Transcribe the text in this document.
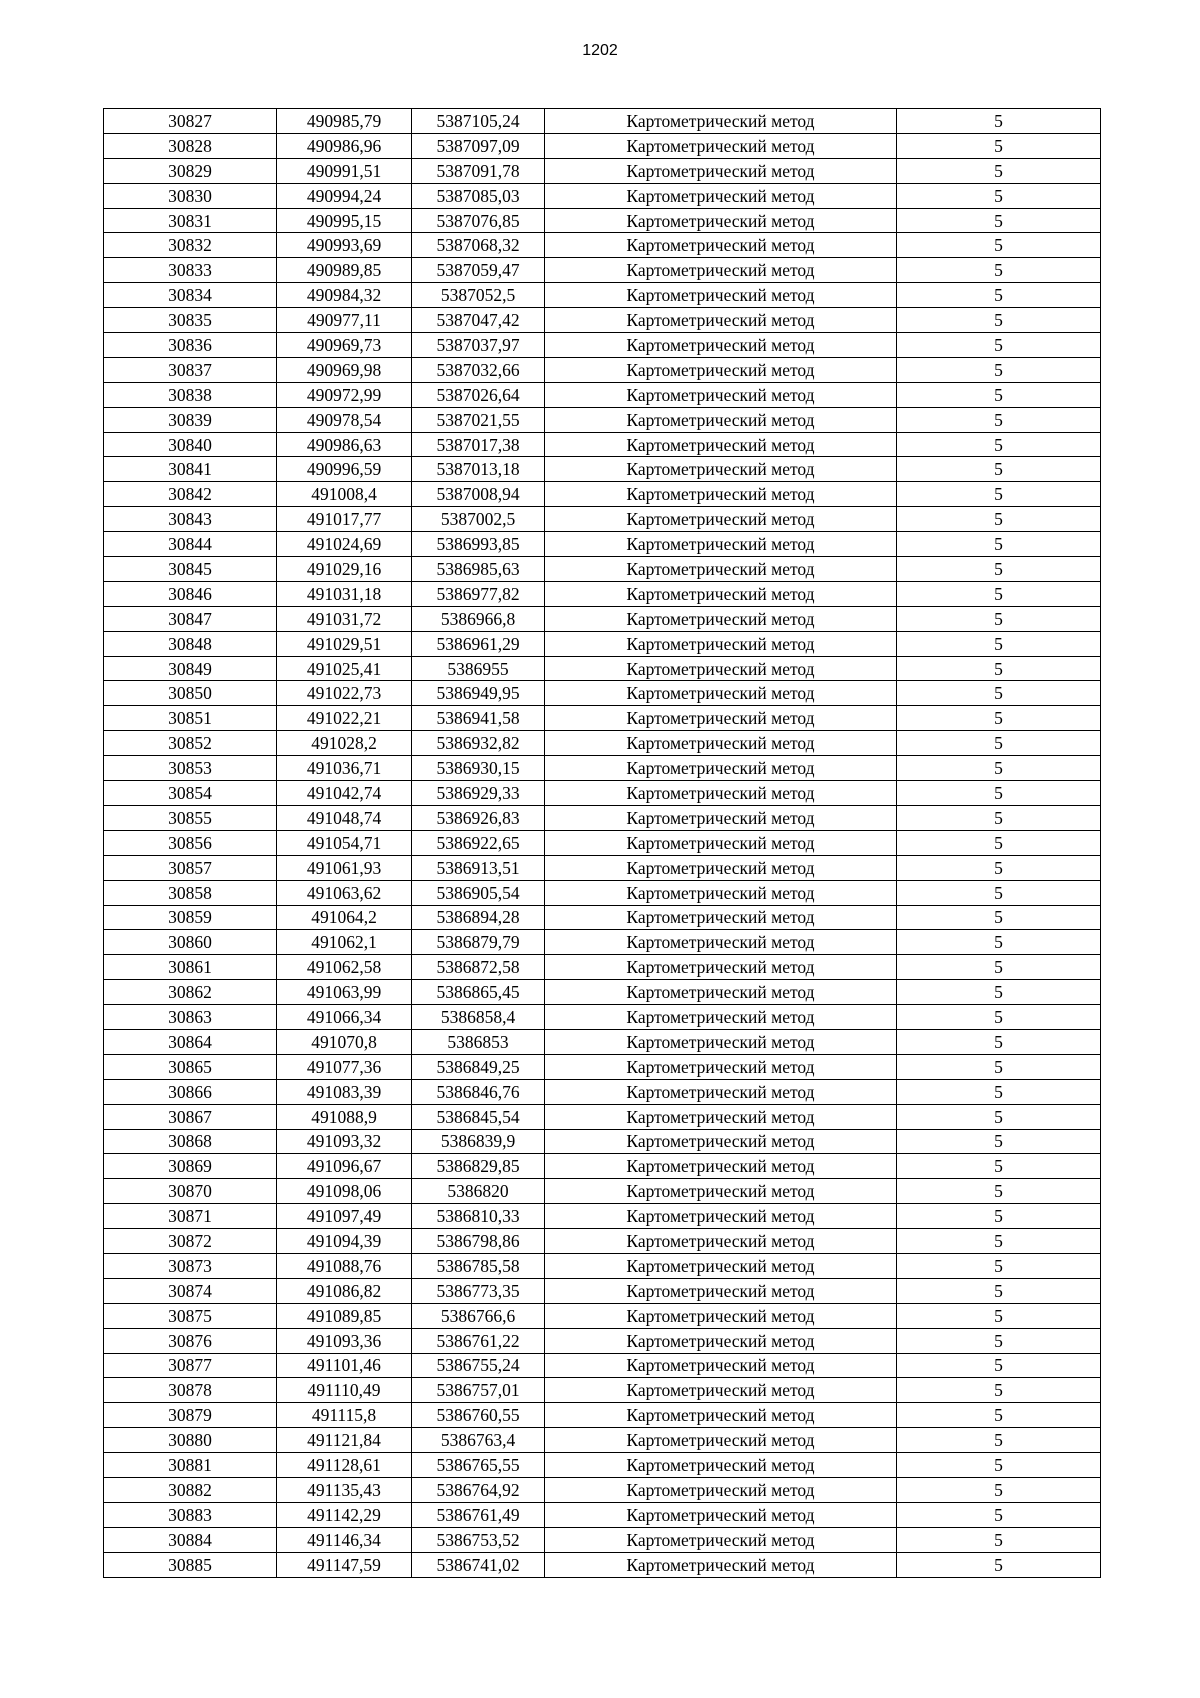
1202
30827	490985,79	5387105,24	Картометрический метод	5
30828	490986,96	5387097,09	Картометрический метод	5
30829	490991,51	5387091,78	Картометрический метод	5
30830	490994,24	5387085,03	Картометрический метод	5
30831	490995,15	5387076,85	Картометрический метод	5
30832	490993,69	5387068,32	Картометрический метод	5
30833	490989,85	5387059,47	Картометрический метод	5
30834	490984,32	5387052,5	Картометрический метод	5
30835	490977,11	5387047,42	Картометрический метод	5
30836	490969,73	5387037,97	Картометрический метод	5
30837	490969,98	5387032,66	Картометрический метод	5
30838	490972,99	5387026,64	Картометрический метод	5
30839	490978,54	5387021,55	Картометрический метод	5
30840	490986,63	5387017,38	Картометрический метод	5
30841	490996,59	5387013,18	Картометрический метод	5
30842	491008,4	5387008,94	Картометрический метод	5
30843	491017,77	5387002,5	Картометрический метод	5
30844	491024,69	5386993,85	Картометрический метод	5
30845	491029,16	5386985,63	Картометрический метод	5
30846	491031,18	5386977,82	Картометрический метод	5
30847	491031,72	5386966,8	Картометрический метод	5
30848	491029,51	5386961,29	Картометрический метод	5
30849	491025,41	5386955	Картометрический метод	5
30850	491022,73	5386949,95	Картометрический метод	5
30851	491022,21	5386941,58	Картометрический метод	5
30852	491028,2	5386932,82	Картометрический метод	5
30853	491036,71	5386930,15	Картометрический метод	5
30854	491042,74	5386929,33	Картометрический метод	5
30855	491048,74	5386926,83	Картометрический метод	5
30856	491054,71	5386922,65	Картометрический метод	5
30857	491061,93	5386913,51	Картометрический метод	5
30858	491063,62	5386905,54	Картометрический метод	5
30859	491064,2	5386894,28	Картометрический метод	5
30860	491062,1	5386879,79	Картометрический метод	5
30861	491062,58	5386872,58	Картометрический метод	5
30862	491063,99	5386865,45	Картометрический метод	5
30863	491066,34	5386858,4	Картометрический метод	5
30864	491070,8	5386853	Картометрический метод	5
30865	491077,36	5386849,25	Картометрический метод	5
30866	491083,39	5386846,76	Картометрический метод	5
30867	491088,9	5386845,54	Картометрический метод	5
30868	491093,32	5386839,9	Картометрический метод	5
30869	491096,67	5386829,85	Картометрический метод	5
30870	491098,06	5386820	Картометрический метод	5
30871	491097,49	5386810,33	Картометрический метод	5
30872	491094,39	5386798,86	Картометрический метод	5
30873	491088,76	5386785,58	Картометрический метод	5
30874	491086,82	5386773,35	Картометрический метод	5
30875	491089,85	5386766,6	Картометрический метод	5
30876	491093,36	5386761,22	Картометрический метод	5
30877	491101,46	5386755,24	Картометрический метод	5
30878	491110,49	5386757,01	Картометрический метод	5
30879	491115,8	5386760,55	Картометрический метод	5
30880	491121,84	5386763,4	Картометрический метод	5
30881	491128,61	5386765,55	Картометрический метод	5
30882	491135,43	5386764,92	Картометрический метод	5
30883	491142,29	5386761,49	Картометрический метод	5
30884	491146,34	5386753,52	Картометрический метод	5
30885	491147,59	5386741,02	Картометрический метод	5
